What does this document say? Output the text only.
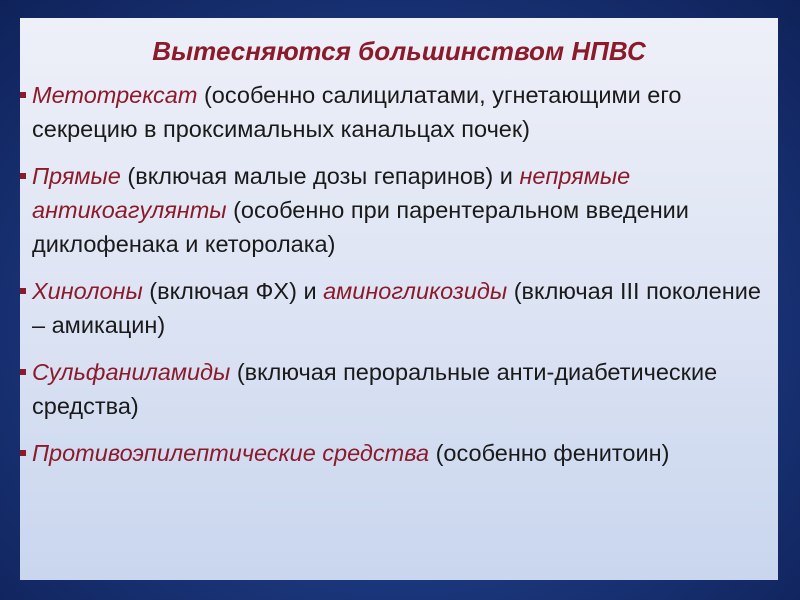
Вытесняются большинством НПВС
Метотрексат (особенно салицилатами, угнетающими его секрецию в проксимальных канальцах почек)
Прямые (включая малые дозы гепаринов) и непрямые антикоагулянты (особенно при парентеральном введении диклофенака и кеторолака)
Хинолоны (включая ФХ) и аминогликозиды (включая III поколение – амикацин)
Сульфаниламиды (включая пероральные анти-диабетические средства)
Противоэпилептические средства (особенно фенитоин)
